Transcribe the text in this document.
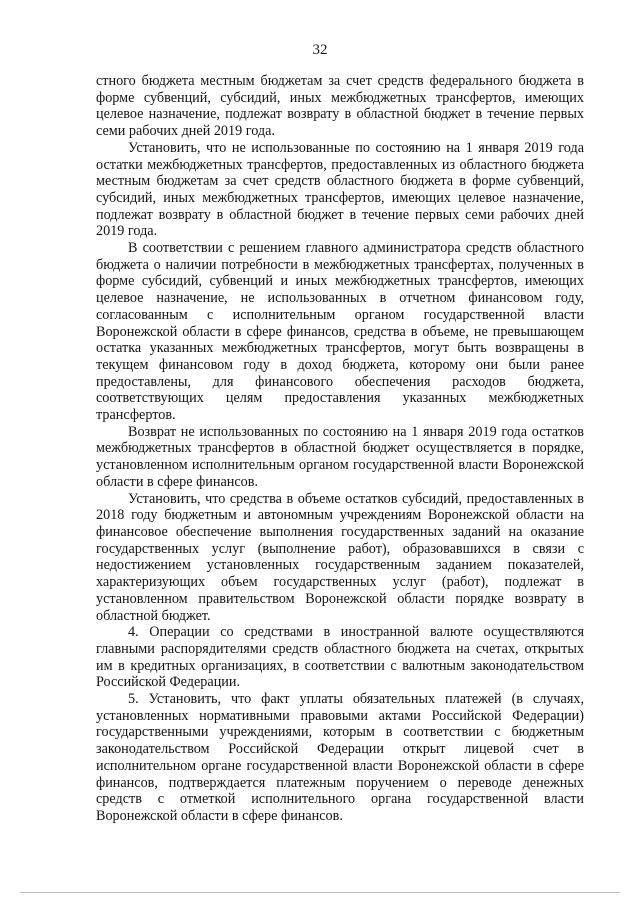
32

стного бюджета местным бюджетам за счет средств федерального бюджета в форме субвенций, субсидий, иных межбюджетных трансфертов, имеющих целевое назначение, подлежат возврату в областной бюджет в течение первых семи рабочих дней 2019 года.

Установить, что не использованные по состоянию на 1 января 2019 года остатки межбюджетных трансфертов, предоставленных из областного бюджета местным бюджетам за счет средств областного бюджета в форме субвенций, субсидий, иных межбюджетных трансфертов, имеющих целевое назначение, подлежат возврату в областной бюджет в течение первых семи рабочих дней 2019 года.

В соответствии с решением главного администратора средств областного бюджета о наличии потребности в межбюджетных трансфертах, полученных в форме субсидий, субвенций и иных межбюджетных трансфертов, имеющих целевое назначение, не использованных в отчетном финансовом году, согласованным с исполнительным органом государственной власти Воронежской области в сфере финансов, средства в объеме, не превышающем остатка указанных межбюджетных трансфертов, могут быть возвращены в текущем финансовом году в доход бюджета, которому они были ранее предоставлены, для финансового обеспечения расходов бюджета, соответствующих целям предоставления указанных межбюджетных трансфертов.

Возврат не использованных по состоянию на 1 января 2019 года остатков межбюджетных трансфертов в областной бюджет осуществляется в порядке, установленном исполнительным органом государственной власти Воронежской области в сфере финансов.

Установить, что средства в объеме остатков субсидий, предоставленных в 2018 году бюджетным и автономным учреждениям Воронежской области на финансовое обеспечение выполнения государственных заданий на оказание государственных услуг (выполнение работ), образовавшихся в связи с недостижением установленных государственным заданием показателей, характеризующих объем государственных услуг (работ), подлежат в установленном правительством Воронежской области порядке возврату в областной бюджет.

4. Операции со средствами в иностранной валюте осуществляются главными распорядителями средств областного бюджета на счетах, открытых им в кредитных организациях, в соответствии с валютным законодательством Российской Федерации.

5. Установить, что факт уплаты обязательных платежей (в случаях, установленных нормативными правовыми актами Российской Федерации) государственными учреждениями, которым в соответствии с бюджетным законодательством Российской Федерации открыт лицевой счет в исполнительном органе государственной власти Воронежской области в сфере финансов, подтверждается платежным поручением о переводе денежных средств с отметкой исполнительного органа государственной власти Воронежской области в сфере финансов.
